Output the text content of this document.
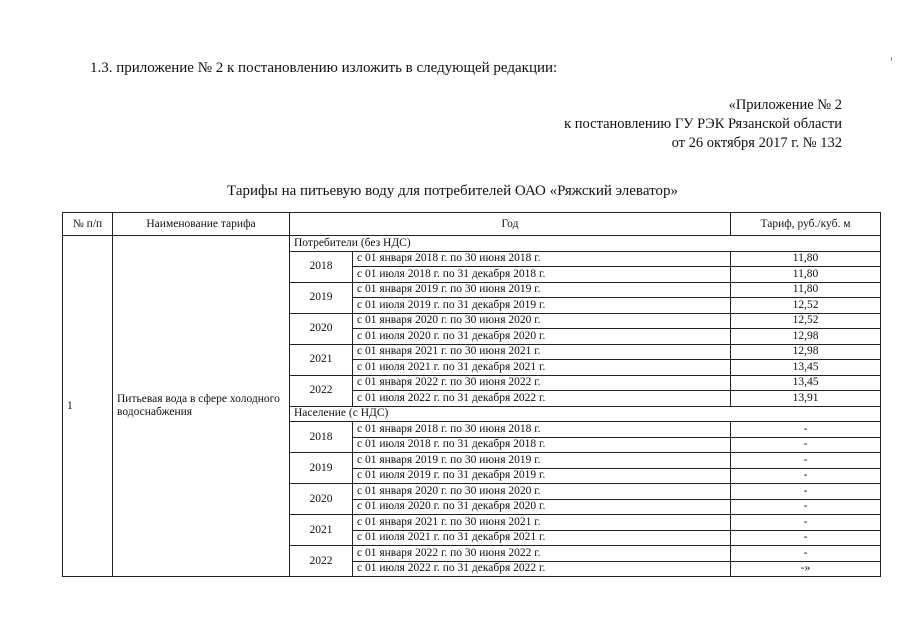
1.3. приложение № 2 к постановлению изложить в следующей редакции:
«Приложение № 2
к постановлению ГУ РЭК Рязанской области
от 26 октября 2017 г. № 132
Тарифы на питьевую воду для потребителей ОАО «Ряжский элеватор»
№ п/п	Наименование тарифа	Год		Тариф, руб./куб. м
1	Питьевая вода в сфере холодного водоснабжения	Потребители (без НДС)		
		2018	с 01 января 2018 г. по 30 июня 2018 г.	11,80
			с 01 июля 2018 г. по 31 декабря 2018 г.	11,80
		2019	с 01 января 2019 г. по 30 июня 2019 г.	11,80
			с 01 июля 2019 г. по 31 декабря 2019 г.	12,52
		2020	с 01 января 2020 г. по 30 июня 2020 г.	12,52
			с 01 июля 2020 г. по 31 декабря 2020 г.	12,98
		2021	с 01 января 2021 г. по 30 июня 2021 г.	12,98
			с 01 июля 2021 г. по 31 декабря 2021 г.	13,45
		2022	с 01 января 2022 г. по 30 июня 2022 г.	13,45
			с 01 июля 2022 г. по 31 декабря 2022 г.	13,91
		Население (с НДС)		
		2018	с 01 января 2018 г. по 30 июня 2018 г.	-
			с 01 июля 2018 г. по 31 декабря 2018 г.	-
		2019	с 01 января 2019 г. по 30 июня 2019 г.	-
			с 01 июля 2019 г. по 31 декабря 2019 г.	-
		2020	с 01 января 2020 г. по 30 июня 2020 г.	-
			с 01 июля 2020 г. по 31 декабря 2020 г.	-
		2021	с 01 января 2021 г. по 30 июня 2021 г.	-
			с 01 июля 2021 г. по 31 декабря 2021 г.	-
		2022	с 01 января 2022 г. по 30 июня 2022 г.	-
			с 01 июля 2022 г. по 31 декабря 2022 г.	-»
